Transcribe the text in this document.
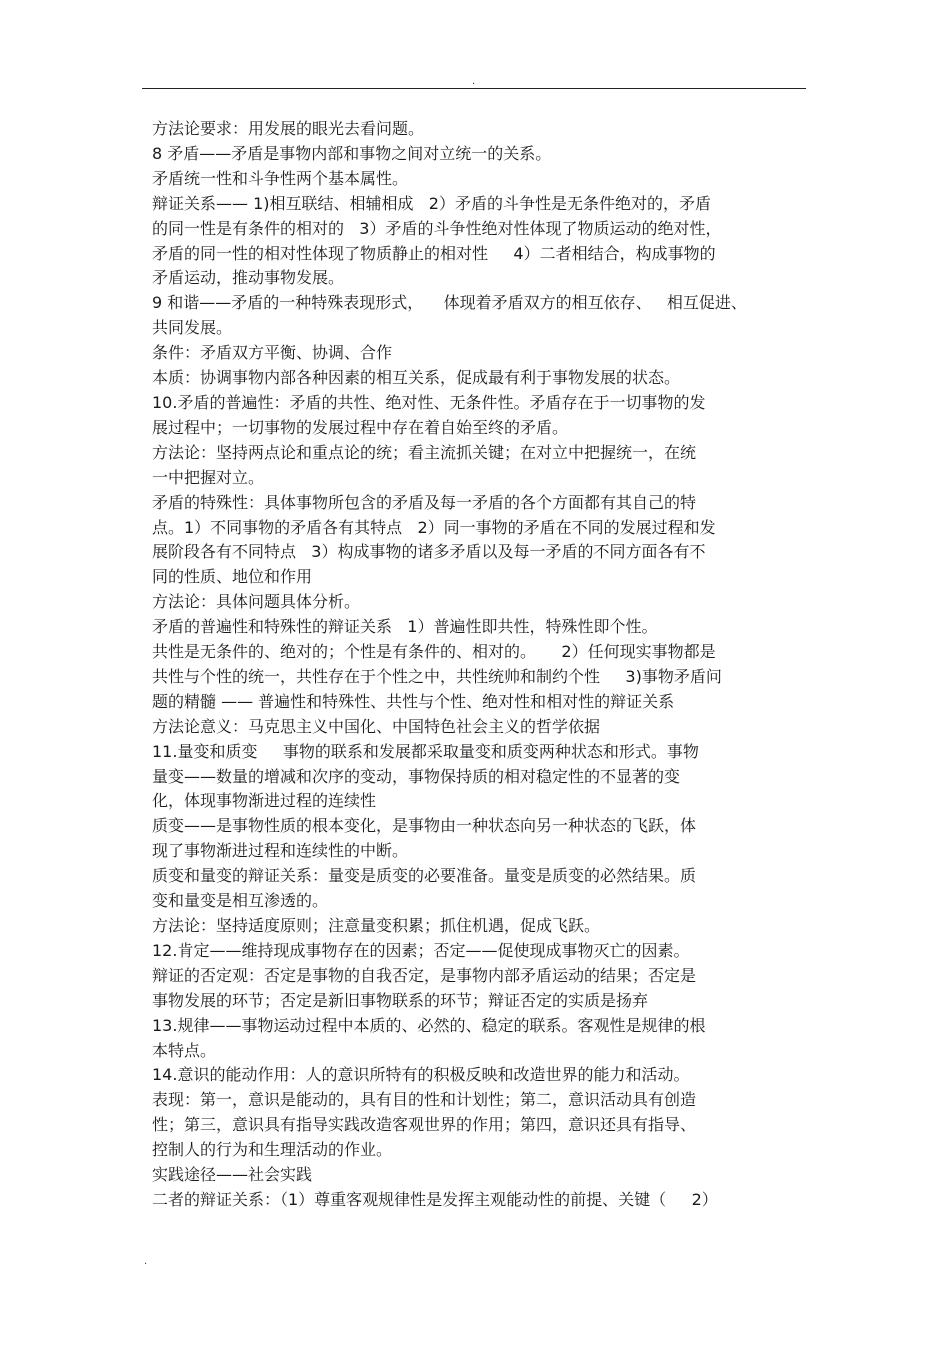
.
方法论要求：用发展的眼光去看问题。
8 矛盾——矛盾是事物内部和事物之间对立统一的关系。
矛盾统一性和斗争性两个基本属性。
辩证关系—— 1)相互联结、相辅相成   2）矛盾的斗争性是无条件绝对的，矛盾
的同一性是有条件的相对的   3）矛盾的斗争性绝对性体现了物质运动的绝对性，
矛盾的同一性的相对性体现了物质静止的相对性     4）二者相结合，构成事物的
矛盾运动，推动事物发展。
9 和谐——矛盾的一种特殊表现形式，    体现着矛盾双方的相互依存、   相互促进、
共同发展。
条件：矛盾双方平衡、协调、合作
本质：协调事物内部各种因素的相互关系，促成最有利于事物发展的状态。
10.矛盾的普遍性：矛盾的共性、绝对性、无条件性。矛盾存在于一切事物的发
展过程中；一切事物的发展过程中存在着自始至终的矛盾。
方法论：坚持两点论和重点论的统；看主流抓关键；在对立中把握统一，在统
一中把握对立。
矛盾的特殊性：具体事物所包含的矛盾及每一矛盾的各个方面都有其自己的特
点。1）不同事物的矛盾各有其特点   2）同一事物的矛盾在不同的发展过程和发
展阶段各有不同特点   3）构成事物的诸多矛盾以及每一矛盾的不同方面各有不
同的性质、地位和作用
方法论：具体问题具体分析。
矛盾的普遍性和特殊性的辩证关系   1）普遍性即共性，特殊性即个性。
共性是无条件的、绝对的；个性是有条件的、相对的。     2）任何现实事物都是
共性与个性的统一，共性存在于个性之中，共性统帅和制约个性     3)事物矛盾问
题的精髓 —— 普遍性和特殊性、共性与个性、绝对性和相对性的辩证关系
方法论意义：马克思主义中国化、中国特色社会主义的哲学依据
11.量变和质变     事物的联系和发展都采取量变和质变两种状态和形式。事物
量变——数量的增减和次序的变动，事物保持质的相对稳定性的不显著的变
化，体现事物渐进过程的连续性
质变——是事物性质的根本变化，是事物由一种状态向另一种状态的飞跃，体
现了事物渐进过程和连续性的中断。
质变和量变的辩证关系：量变是质变的必要准备。量变是质变的必然结果。质
变和量变是相互渗透的。
方法论：坚持适度原则；注意量变积累；抓住机遇，促成飞跃。
12.肯定——维持现成事物存在的因素；否定——促使现成事物灭亡的因素。
辩证的否定观：否定是事物的自我否定，是事物内部矛盾运动的结果；否定是
事物发展的环节；否定是新旧事物联系的环节；辩证否定的实质是扬弃
13.规律——事物运动过程中本质的、必然的、稳定的联系。客观性是规律的根
本特点。
14.意识的能动作用：人的意识所特有的积极反映和改造世界的能力和活动。
表现：第一，意识是能动的，具有目的性和计划性；第二，意识活动具有创造
性；第三，意识具有指导实践改造客观世界的作用；第四，意识还具有指导、
控制人的行为和生理活动的作业。
实践途径——社会实践
二者的辩证关系：（1）尊重客观规律性是发挥主观能动性的前提、关键（     2）
.
